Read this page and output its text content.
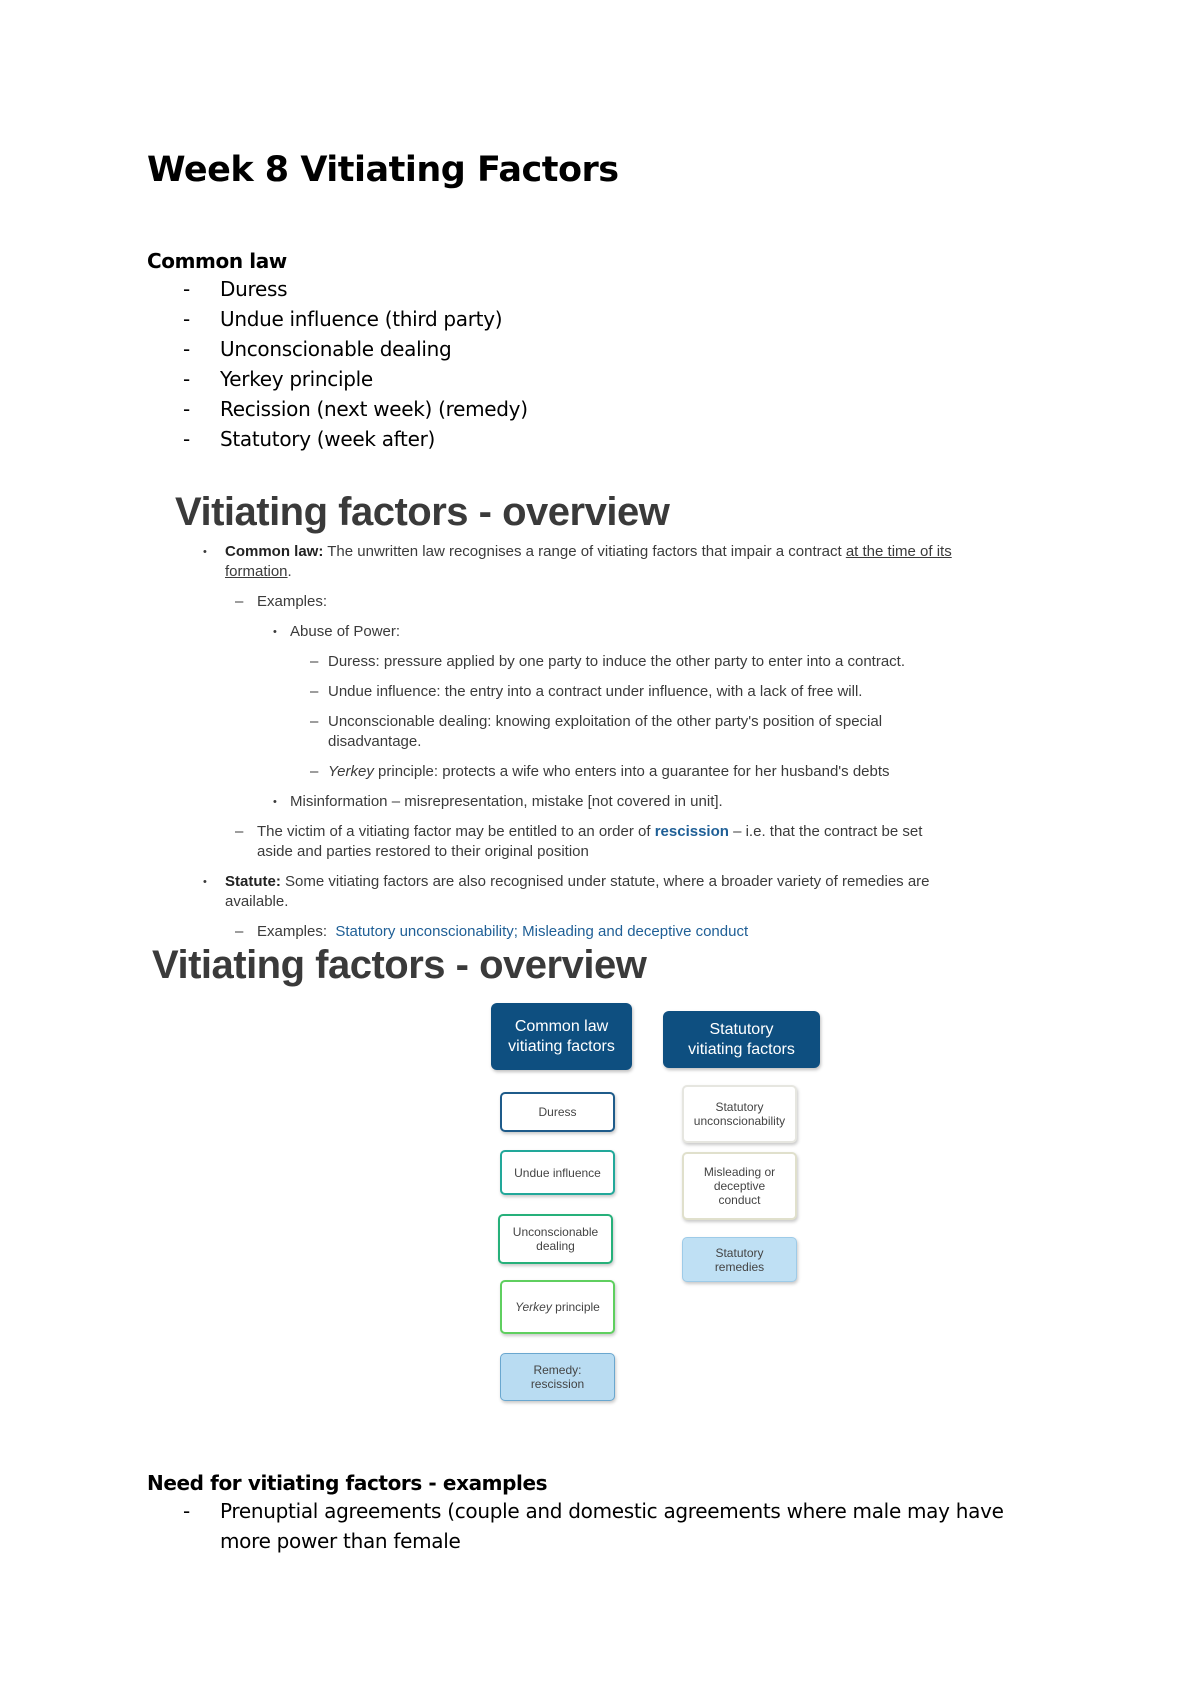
Week 8 Vitiating Factors
Common law
- Duress
- Undue influence (third party)
- Unconscionable dealing
- Yerkey principle
- Recission (next week) (remedy)
- Statutory (week after)
Vitiating factors - overview
• Common law: The unwritten law recognises a range of vitiating factors that impair a contract at the time of its
formation.
– Examples:
• Abuse of Power:
– Duress: pressure applied by one party to induce the other party to enter into a contract.
– Undue influence: the entry into a contract under influence, with a lack of free will.
– Unconscionable dealing: knowing exploitation of the other party's position of special
disadvantage.
– Yerkey principle: protects a wife who enters into a guarantee for her husband's debts
• Misinformation – misrepresentation, mistake [not covered in unit].
– The victim of a vitiating factor may be entitled to an order of rescission – i.e. that the contract be set
aside and parties restored to their original position
• Statute: Some vitiating factors are also recognised under statute, where a broader variety of remedies are
available.
– Examples: Statutory unconscionability; Misleading and deceptive conduct
Vitiating factors - overview
Common law
vitiating factors
Statutory
vitiating factors
Duress
Undue influence
Unconscionable
dealing
Yerkey principle
Remedy:
rescission
Statutory
unconscionability
Misleading or
deceptive
conduct
Statutory
remedies
Need for vitiating factors - examples
- Prenuptial agreements (couple and domestic agreements where male may have
more power than female
